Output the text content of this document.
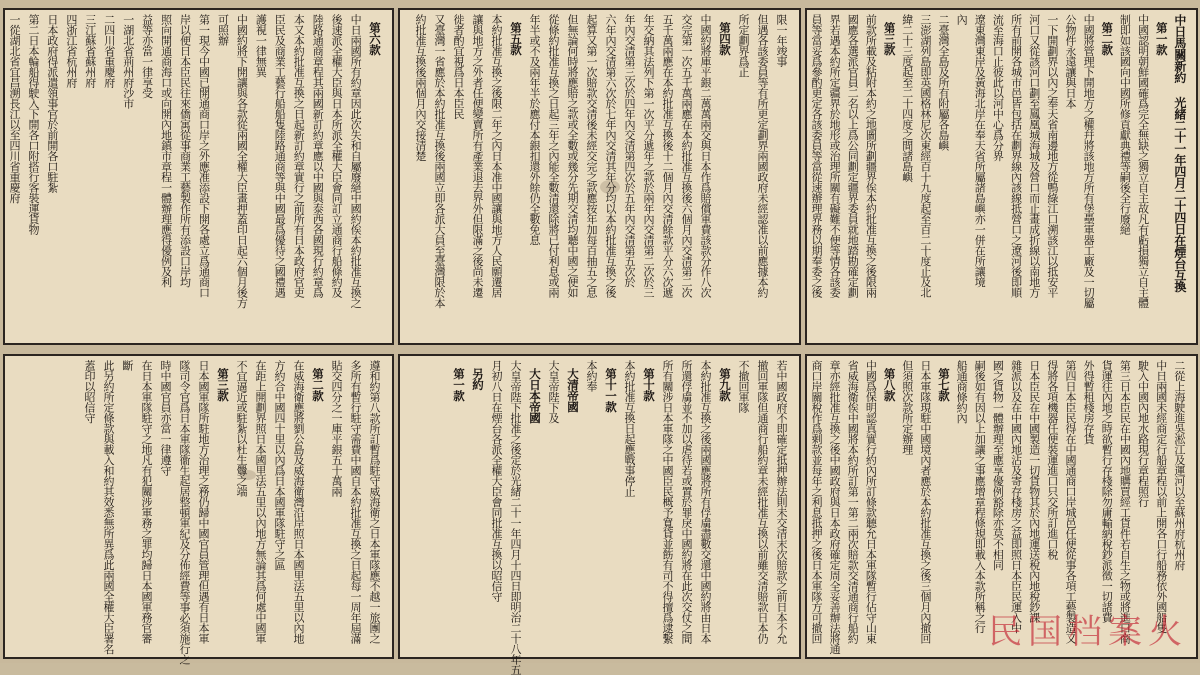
中日馬關新約 光緒二十一年四月二十四日在煙台互換
第一款
中國認明朝鮮國確爲完全無缺之獨立自主故凡有虧損獨立自主體
制即如該國向中國所修貢獻典禮等嗣後全行廢絕
第二款
中國將管理下開地方之權幷將該地方所有堡壘軍器工廠及一切屬
公物件永遠讓與日本
一下開劃界以內之奉天省南邊地方從鴨綠江口溯該江以抵安平
河口又從該河口劃至鳳凰城海城及營口而止畫成折線以南地方
所有前開各城市邑皆包括在劃界線內該線抵營口之遼河後即順
流至海口止彼此以河中心爲分界
遼東灣東岸及黃海北岸在奉天省所屬諸島嶼亦一併在所讓境
內
二臺灣全島及所有附屬各島嶼
三澎湖列島即英國格林尼次東經百十九度起至百二十度止及北
緯二十三度起至二十四度之間諸島嶼
第三款
前款所載及粘附本約之地圖所劃疆界俟本約批准互換之後限兩
國應各選派官員二名以上爲公同劃定疆界委員就地踏勘確定劃
界若遇本約所定疆界於地形或治理所關有礙難不便等情各該委
員等當妥爲參酌更定各該委員等當從速辦理界務以期奉委之後
限一年竣事
但遇各該委員等有所更定劃界兩國政府未經認准以前應據本約
所定劃界爲正
第四款
中國約將庫平銀二萬萬兩交與日本作爲賠償軍費該款分作八次
交完第一次五千萬兩應在本約批准互換後六個月內交清第二次
五千萬兩應在本約批准互換後十二個月內交清餘款平分六次遞
年交納其法列下第一次平分遞年之款於兩年內交清第二次於三
年內交清第三次於四年內交清第四次於五年內交清第五次於
六年內交清第六次於七年內交清其年分均以本約批准互換之後
起算又第一次賠款交清後未經交完之款應按年加每百抽五之息
但無論何時將應賠之款或全數或幾分先期交清均聽中國之便如
從條約批准互換之日起三年之內能全數清還除將已付利息或兩
年半或不及兩年半於應付本銀扣還外餘仍全數免息
第五款
本約批准互換之後限二年之內日本准中國讓與地方人民願遷居
讓與地方之外者任便變賣所有產業退去界外但限滿之後尚未遷
徙者酌宜視爲日本臣民
又臺灣一省應於本約批准互換後兩國立即各派大員至臺灣限於本
約批准互換後兩個月內交接清楚
第六款
中日兩國所有約章因此次失和自屬廢絕中國約俟本約批准互換之
後速派全權大臣與日本所派全權大臣會同訂立通商行船條約及
陸路通商章程其兩國新訂約章應以中國與泰西各國現行約章爲
本又本約批准互換之日起新訂約章實行之前所有日本政府官吏
臣民及商業工藝行船船隻陸路通商等與中國最爲優待之國禮遇
護視一律無異
中國約將下開讓與各款從兩國全權大臣畫押蓋印日起六個月後方
可照辦
第一現今中國已開通商口岸之外應准添設下開各處立爲通商口
岸以便日本臣民往來僑寓從事商業工藝製作所有添設口岸均
照向開通商海口或向開內地鎮市章程一體辦理應得優例及利
益等亦當一律享受
一湖北省荊州府沙市
二四川省重慶府
三江蘇省蘇州府
四浙江省杭州府
日本政府得派遣領事官於前開各口駐紮
第二日本輪船得駛入下開各口附搭行客裝運貨物
一從湖北省宜昌溯長江以至四川省重慶府
二從上海駛進吳淞江及運河以至蘇州府杭州府
中日兩國未經商定行船章程以前上開各口行船務依外國船隻
駛入中國內地水路現行章程照行
第三日本臣民在中國內地購買經工貨件若自生之物或將進口商
貨運往內地之時欲暫行存棧除勿庸輸納稅鈔派徵一切諸費
外得暫租棧房存貨
第四日本臣民得在中國通商口岸城邑任便從事各項工藝製造又
得將各項機器任便裝運進口只交所訂進口稅
日本臣民在中國製造一切貨物其於內地運送稅內地稅鈔課
雜派以及在中國內地沾及寄存棧房之益即照日本臣民運入中
國之貨物一體辦理至應享優例豁除亦莫不相同
嗣後如有因以上加讓之事應增章程條規即載入本款所稱之行
船通商條約內
第七款
日本軍隊現駐中國境內者應於本約批准互換之後三個月內撤回
但須照次款所定辦理
第八款
中國爲保明認真實行約內所訂條款聽允日本軍隊暫行佔守山東
省威海衛俟中國將本約所訂第一第二兩次賠款交清通商行船約
章亦經批准互換之後中國政府與日本政府確定周全妥善辦法將通
商口岸關稅作爲剩款並每年之利息抵押之後日本軍隊方可撤回
若中國政府不即確定抵押辦法則未交清末次賠款之前日本不允
撤回軍隊但通商行船約章未經批准互換以前雖交清賠款日本仍
不撤回軍隊
第九款
本約批准互換之後兩國應將所有俘虜盡數交還中國約將由日本
所還俘虜並不加以虐待若或置於罪戾中國約將在此次交仗之間
所有關涉日本軍隊之中國臣民概予寬貸並飭有司不得擅爲逮繫
第十款
本約批准互換日起應戰事停止
第十一款
本約奉
大清帝國
大皇帝陛下及
大日本帝國
大皇帝陛下批准之後定於光緒二十一年四月十四日即明治二十八年五
月初八日在煙台各派全權大臣會同批准互換以昭信守
另約
第一款
遵和約第八款所訂暫爲駐守威海衛之日本軍隊應不越一旅團之
多所有暫行駐守需費中國自本約批准互換之日起每一周年屆滿
貼交四分之一庫平銀五十萬兩
第二款
在威海衛應將劉公島及威海衛灣沿岸照日本國里法五里以內地
方約合中國四十里以內爲日本國軍隊駐守之區
在距上開劃界照日本國里法五里以內地方無論其爲何處中國軍
不宜逼近或駐紮以杜生釁之端
第三款
日本國軍隊所駐地方治理之務仍歸中國官員管理但遇有日本軍
隊司令官爲日本軍隊衞生起居整頓軍紀及分佈經費等事必須施行之
時中國官員亦當一律遵守
在日本軍隊駐守之地凡有犯關涉軍務之罪均歸日本國軍務官審
斷
此另約所定條款與載入和約其效悉無所異爲此兩國全權大臣署名
蓋印以昭信守
民国档案火
